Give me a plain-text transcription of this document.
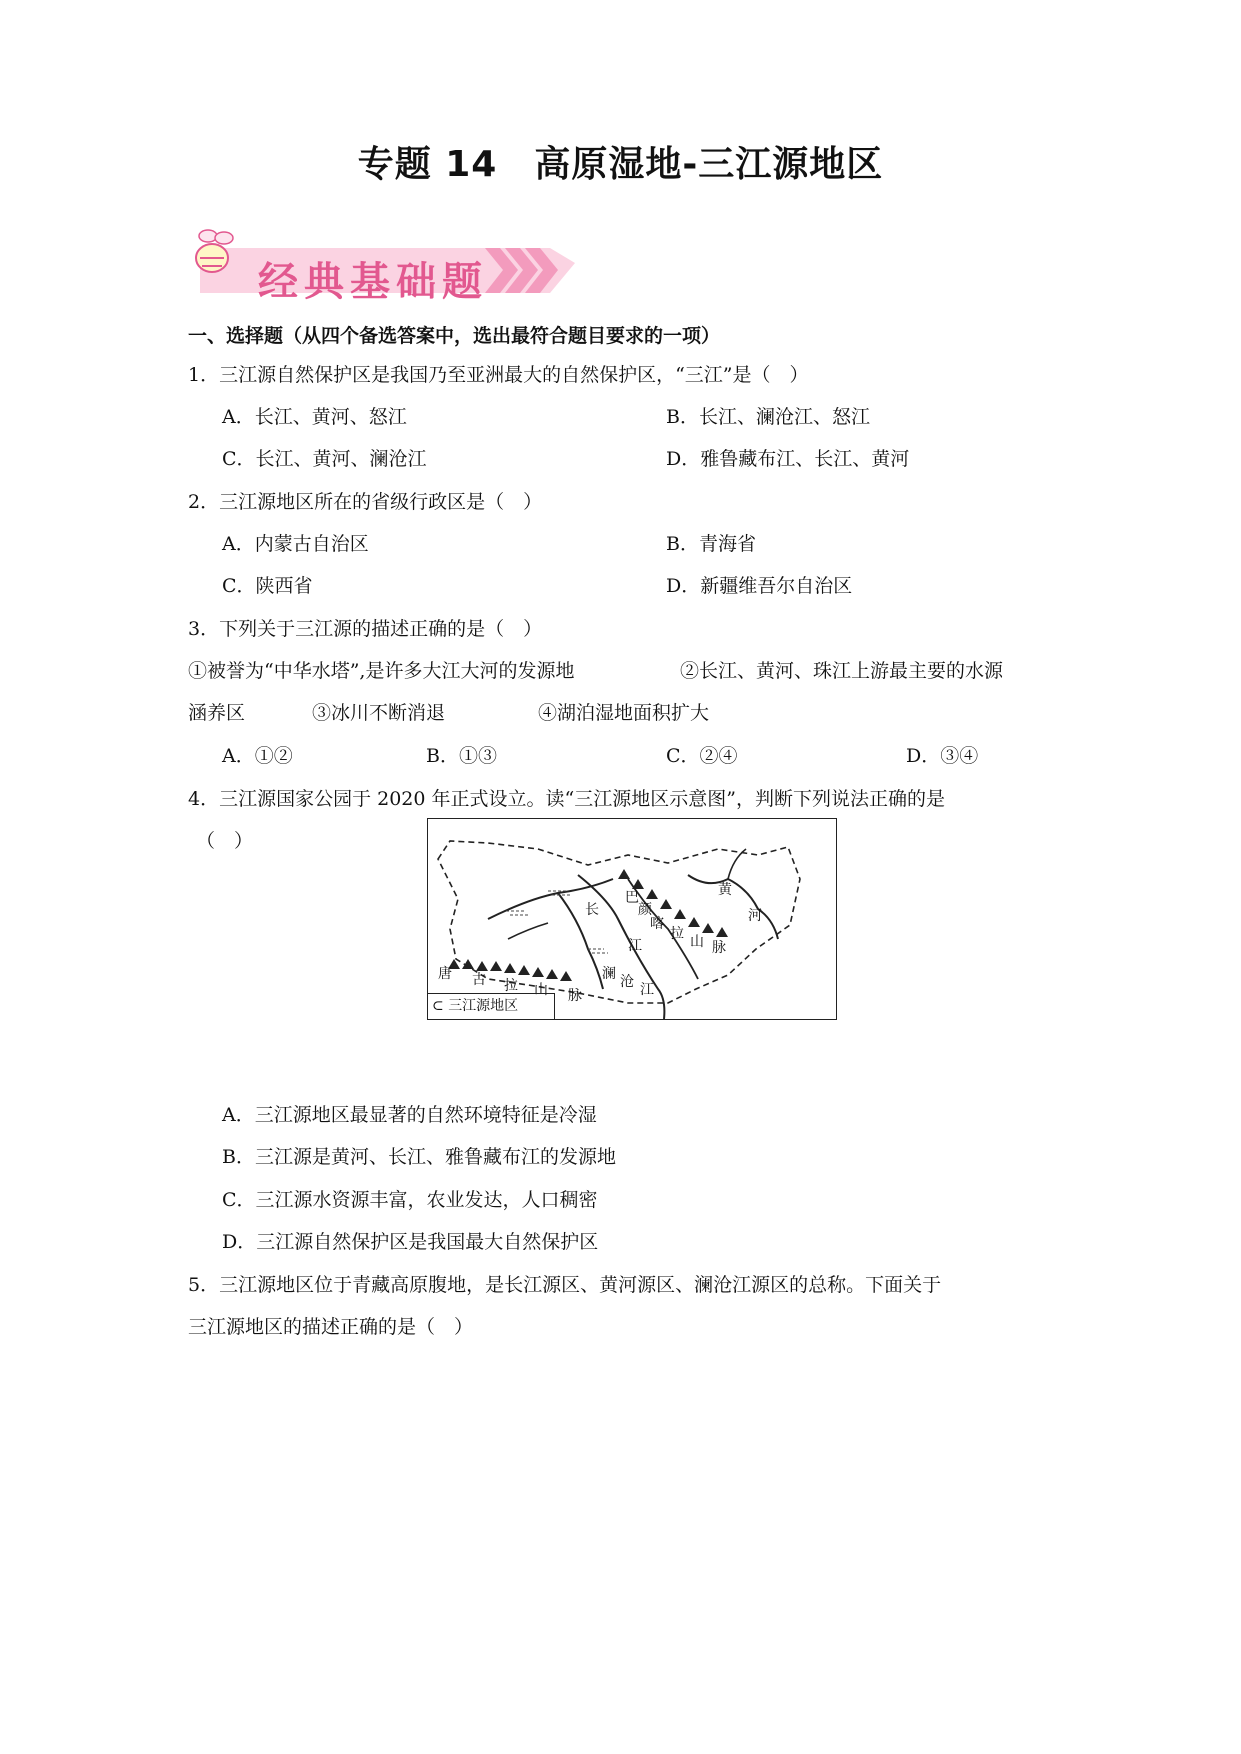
专题 14　高原湿地-三江源地区
经典基础题
一、选择题（从四个备选答案中，选出最符合题目要求的一项）
1．三江源自然保护区是我国乃至亚洲最大的自然保护区，“三江”是（　）
A．长江、黄河、怒江	B．长江、澜沧江、怒江
C．长江、黄河、澜沧江	D．雅鲁藏布江、长江、黄河
2．三江源地区所在的省级行政区是（　）
A．内蒙古自治区	B．青海省
C．陕西省	D．新疆维吾尔自治区
3．下列关于三江源的描述正确的是（　）
①被誉为“中华水塔”,是许多大江大河的发源地	②长江、黄河、珠江上游最主要的水源
涵养区	③冰川不断消退	④湖泊湿地面积扩大
A．①②	B．①③	C．②④	D．③④
4．三江源国家公园于 2020 年正式设立。读“三江源地区示意图”，判断下列说法正确的是
（　）
长
江
巴
颜
喀
拉 山 脉
黄
河
唐 古 拉 山 脉
澜 沧 江
⊂ 三江源地区
A．三江源地区最显著的自然环境特征是冷湿
B．三江源是黄河、长江、雅鲁藏布江的发源地
C．三江源水资源丰富，农业发达，人口稠密
D．三江源自然保护区是我国最大自然保护区
5．三江源地区位于青藏高原腹地，是长江源区、黄河源区、澜沧江源区的总称。下面关于
三江源地区的描述正确的是（　）
